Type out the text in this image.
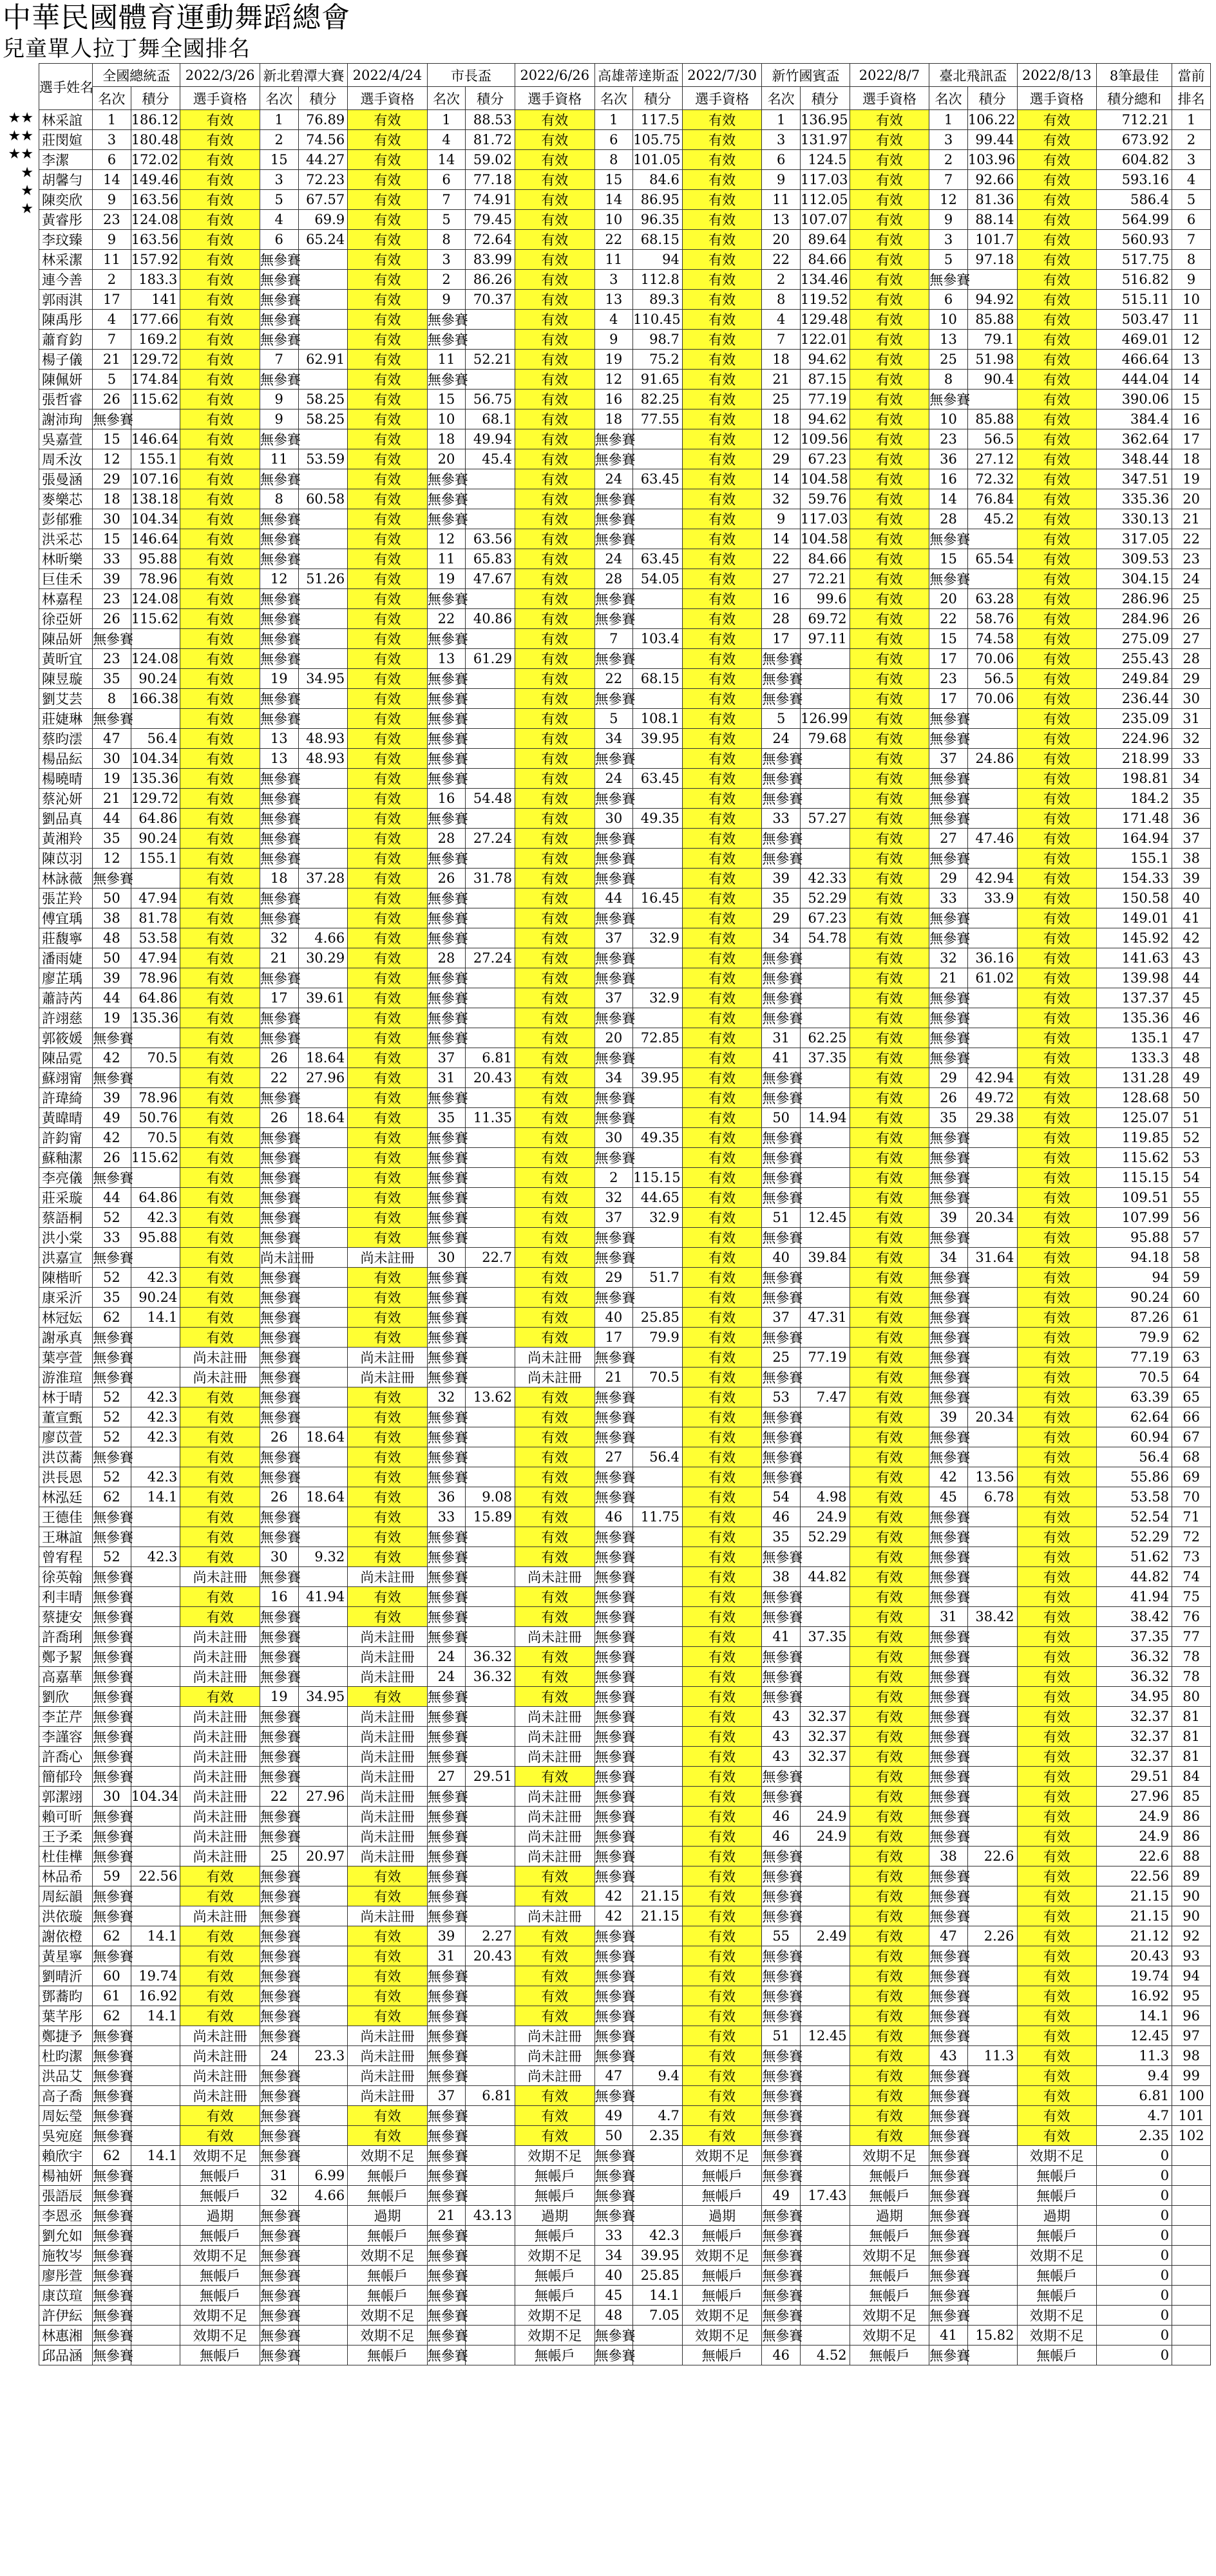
中華民國體育運動舞蹈總會
兒童單人拉丁舞全國排名
★★
★★
★★
★
★
★
選手姓名	全國總統盃		2022/3/26	新北碧潭大賽		2022/4/24	市長盃		2022/6/26	高雄蒂達斯盃		2022/7/30	新竹國賓盃		2022/8/7	臺北飛訊盃		2022/8/13	8筆最佳	當前
	名次	積分	選手資格	名次	積分	選手資格	名次	積分	選手資格	名次	積分	選手資格	名次	積分	選手資格	名次	積分	選手資格	積分總和	排名
林采誼	1	186.12	有效	1	76.89	有效	1	88.53	有效	1	117.5	有效	1	136.95	有效	1	106.22	有效	712.21	1
莊閔媗	3	180.48	有效	2	74.56	有效	4	81.72	有效	6	105.75	有效	3	131.97	有效	3	99.44	有效	673.92	2
李潔	6	172.02	有效	15	44.27	有效	14	59.02	有效	8	101.05	有效	6	124.5	有效	2	103.96	有效	604.82	3
胡馨勻	14	149.46	有效	3	72.23	有效	6	77.18	有效	15	84.6	有效	9	117.03	有效	7	92.66	有效	593.16	4
陳奕欣	9	163.56	有效	5	67.57	有效	7	74.91	有效	14	86.95	有效	11	112.05	有效	12	81.36	有效	586.4	5
黃睿彤	23	124.08	有效	4	69.9	有效	5	79.45	有效	10	96.35	有效	13	107.07	有效	9	88.14	有效	564.99	6
李玟臻	9	163.56	有效	6	65.24	有效	8	72.64	有效	22	68.15	有效	20	89.64	有效	3	101.7	有效	560.93	7
林采潔	11	157.92	有效	無參賽		有效	3	83.99	有效	11	94	有效	22	84.66	有效	5	97.18	有效	517.75	8
連今善	2	183.3	有效	無參賽		有效	2	86.26	有效	3	112.8	有效	2	134.46	有效	無參賽		有效	516.82	9
郭雨淇	17	141	有效	無參賽		有效	9	70.37	有效	13	89.3	有效	8	119.52	有效	6	94.92	有效	515.11	10
陳禹彤	4	177.66	有效	無參賽		有效	無參賽		有效	4	110.45	有效	4	129.48	有效	10	85.88	有效	503.47	11
蕭育鈞	7	169.2	有效	無參賽		有效	無參賽		有效	9	98.7	有效	7	122.01	有效	13	79.1	有效	469.01	12
楊子儀	21	129.72	有效	7	62.91	有效	11	52.21	有效	19	75.2	有效	18	94.62	有效	25	51.98	有效	466.64	13
陳佩妍	5	174.84	有效	無參賽		有效	無參賽		有效	12	91.65	有效	21	87.15	有效	8	90.4	有效	444.04	14
張哲睿	26	115.62	有效	9	58.25	有效	15	56.75	有效	16	82.25	有效	25	77.19	有效	無參賽		有效	390.06	15
謝沛珣	無參賽		有效	9	58.25	有效	10	68.1	有效	18	77.55	有效	18	94.62	有效	10	85.88	有效	384.4	16
吳嘉萱	15	146.64	有效	無參賽		有效	18	49.94	有效	無參賽		有效	12	109.56	有效	23	56.5	有效	362.64	17
周禾汝	12	155.1	有效	11	53.59	有效	20	45.4	有效	無參賽		有效	29	67.23	有效	36	27.12	有效	348.44	18
張曼涵	29	107.16	有效	無參賽		有效	無參賽		有效	24	63.45	有效	14	104.58	有效	16	72.32	有效	347.51	19
麥樂芯	18	138.18	有效	8	60.58	有效	無參賽		有效	無參賽		有效	32	59.76	有效	14	76.84	有效	335.36	20
彭郁雅	30	104.34	有效	無參賽		有效	無參賽		有效	無參賽		有效	9	117.03	有效	28	45.2	有效	330.13	21
洪采芯	15	146.64	有效	無參賽		有效	12	63.56	有效	無參賽		有效	14	104.58	有效	無參賽		有效	317.05	22
林昕樂	33	95.88	有效	無參賽		有效	11	65.83	有效	24	63.45	有效	22	84.66	有效	15	65.54	有效	309.53	23
巨佳禾	39	78.96	有效	12	51.26	有效	19	47.67	有效	28	54.05	有效	27	72.21	有效	無參賽		有效	304.15	24
林嘉程	23	124.08	有效	無參賽		有效	無參賽		有效	無參賽		有效	16	99.6	有效	20	63.28	有效	286.96	25
徐亞妍	26	115.62	有效	無參賽		有效	22	40.86	有效	無參賽		有效	28	69.72	有效	22	58.76	有效	284.96	26
陳品妍	無參賽		有效	無參賽		有效	無參賽		有效	7	103.4	有效	17	97.11	有效	15	74.58	有效	275.09	27
黃昕宜	23	124.08	有效	無參賽		有效	13	61.29	有效	無參賽		有效	無參賽		有效	17	70.06	有效	255.43	28
陳昱璇	35	90.24	有效	19	34.95	有效	無參賽		有效	22	68.15	有效	無參賽		有效	23	56.5	有效	249.84	29
劉艾芸	8	166.38	有效	無參賽		有效	無參賽		有效	無參賽		有效	無參賽		有效	17	70.06	有效	236.44	30
莊婕琳	無參賽		有效	無參賽		有效	無參賽		有效	5	108.1	有效	5	126.99	有效	無參賽		有效	235.09	31
蔡昀澐	47	56.4	有效	13	48.93	有效	無參賽		有效	34	39.95	有效	24	79.68	有效	無參賽		有效	224.96	32
楊品紜	30	104.34	有效	13	48.93	有效	無參賽		有效	無參賽		有效	無參賽		有效	37	24.86	有效	218.99	33
楊曉晴	19	135.36	有效	無參賽		有效	無參賽		有效	24	63.45	有效	無參賽		有效	無參賽		有效	198.81	34
蔡沁妍	21	129.72	有效	無參賽		有效	16	54.48	有效	無參賽		有效	無參賽		有效	無參賽		有效	184.2	35
劉品真	44	64.86	有效	無參賽		有效	無參賽		有效	30	49.35	有效	33	57.27	有效	無參賽		有效	171.48	36
黃湘羚	35	90.24	有效	無參賽		有效	28	27.24	有效	無參賽		有效	無參賽		有效	27	47.46	有效	164.94	37
陳苡羽	12	155.1	有效	無參賽		有效	無參賽		有效	無參賽		有效	無參賽		有效	無參賽		有效	155.1	38
林詠薇	無參賽		有效	18	37.28	有效	26	31.78	有效	無參賽		有效	39	42.33	有效	29	42.94	有效	154.33	39
張芷羚	50	47.94	有效	無參賽		有效	無參賽		有效	44	16.45	有效	35	52.29	有效	33	33.9	有效	150.58	40
傅宜瑀	38	81.78	有效	無參賽		有效	無參賽		有效	無參賽		有效	29	67.23	有效	無參賽		有效	149.01	41
莊馥寧	48	53.58	有效	32	4.66	有效	無參賽		有效	37	32.9	有效	34	54.78	有效	無參賽		有效	145.92	42
潘雨婕	50	47.94	有效	21	30.29	有效	28	27.24	有效	無參賽		有效	無參賽		有效	32	36.16	有效	141.63	43
廖芷瑀	39	78.96	有效	無參賽		有效	無參賽		有效	無參賽		有效	無參賽		有效	21	61.02	有效	139.98	44
蕭詩芮	44	64.86	有效	17	39.61	有效	無參賽		有效	37	32.9	有效	無參賽		有效	無參賽		有效	137.37	45
許翊慈	19	135.36	有效	無參賽		有效	無參賽		有效	無參賽		有效	無參賽		有效	無參賽		有效	135.36	46
郭筱媛	無參賽		有效	無參賽		有效	無參賽		有效	20	72.85	有效	31	62.25	有效	無參賽		有效	135.1	47
陳品霓	42	70.5	有效	26	18.64	有效	37	6.81	有效	無參賽		有效	41	37.35	有效	無參賽		有效	133.3	48
蘇翊甯	無參賽		有效	22	27.96	有效	31	20.43	有效	34	39.95	有效	無參賽		有效	29	42.94	有效	131.28	49
許瑋綺	39	78.96	有效	無參賽		有效	無參賽		有效	無參賽		有效	無參賽		有效	26	49.72	有效	128.68	50
黃暐晴	49	50.76	有效	26	18.64	有效	35	11.35	有效	無參賽		有效	50	14.94	有效	35	29.38	有效	125.07	51
許鈞甯	42	70.5	有效	無參賽		有效	無參賽		有效	30	49.35	有效	無參賽		有效	無參賽		有效	119.85	52
蘇釉潔	26	115.62	有效	無參賽		有效	無參賽		有效	無參賽		有效	無參賽		有效	無參賽		有效	115.62	53
李亮儀	無參賽		有效	無參賽		有效	無參賽		有效	2	115.15	有效	無參賽		有效	無參賽		有效	115.15	54
莊采璇	44	64.86	有效	無參賽		有效	無參賽		有效	32	44.65	有效	無參賽		有效	無參賽		有效	109.51	55
蔡語桐	52	42.3	有效	無參賽		有效	無參賽		有效	37	32.9	有效	51	12.45	有效	39	20.34	有效	107.99	56
洪小棠	33	95.88	有效	無參賽		有效	無參賽		有效	無參賽		有效	無參賽		有效	無參賽		有效	95.88	57
洪嘉宣	無參賽		有效	尚未註冊		尚未註冊	30	22.7	有效	無參賽		有效	40	39.84	有效	34	31.64	有效	94.18	58
陳楷昕	52	42.3	有效	無參賽		有效	無參賽		有效	29	51.7	有效	無參賽		有效	無參賽		有效	94	59
康采沂	35	90.24	有效	無參賽		有效	無參賽		有效	無參賽		有效	無參賽		有效	無參賽		有效	90.24	60
林冠妘	62	14.1	有效	無參賽		有效	無參賽		有效	40	25.85	有效	37	47.31	有效	無參賽		有效	87.26	61
謝承真	無參賽		有效	無參賽		有效	無參賽		有效	17	79.9	有效	無參賽		有效	無參賽		有效	79.9	62
葉亭萱	無參賽		尚未註冊	無參賽		尚未註冊	無參賽		尚未註冊	無參賽		有效	25	77.19	有效	無參賽		有效	77.19	63
游淮瑄	無參賽		尚未註冊	無參賽		尚未註冊	無參賽		尚未註冊	21	70.5	有效	無參賽		有效	無參賽		有效	70.5	64
林于晴	52	42.3	有效	無參賽		有效	32	13.62	有效	無參賽		有效	53	7.47	有效	無參賽		有效	63.39	65
董宣甄	52	42.3	有效	無參賽		有效	無參賽		有效	無參賽		有效	無參賽		有效	39	20.34	有效	62.64	66
廖苡萱	52	42.3	有效	26	18.64	有效	無參賽		有效	無參賽		有效	無參賽		有效	無參賽		有效	60.94	67
洪苡蕎	無參賽		有效	無參賽		有效	無參賽		有效	27	56.4	有效	無參賽		有效	無參賽		有效	56.4	68
洪長恩	52	42.3	有效	無參賽		有效	無參賽		有效	無參賽		有效	無參賽		有效	42	13.56	有效	55.86	69
林泓廷	62	14.1	有效	26	18.64	有效	36	9.08	有效	無參賽		有效	54	4.98	有效	45	6.78	有效	53.58	70
王德佳	無參賽		有效	無參賽		有效	33	15.89	有效	46	11.75	有效	46	24.9	有效	無參賽		有效	52.54	71
王琳誼	無參賽		有效	無參賽		有效	無參賽		有效	無參賽		有效	35	52.29	有效	無參賽		有效	52.29	72
曾宥程	52	42.3	有效	30	9.32	有效	無參賽		有效	無參賽		有效	無參賽		有效	無參賽		有效	51.62	73
徐英翰	無參賽		尚未註冊	無參賽		尚未註冊	無參賽		尚未註冊	無參賽		有效	38	44.82	有效	無參賽		有效	44.82	74
利丰晴	無參賽		有效	16	41.94	有效	無參賽		有效	無參賽		有效	無參賽		有效	無參賽		有效	41.94	75
蔡捷安	無參賽		有效	無參賽		有效	無參賽		有效	無參賽		有效	無參賽		有效	31	38.42	有效	38.42	76
許喬琍	無參賽		尚未註冊	無參賽		尚未註冊	無參賽		尚未註冊	無參賽		有效	41	37.35	有效	無參賽		有效	37.35	77
鄭予絜	無參賽		尚未註冊	無參賽		尚未註冊	24	36.32	有效	無參賽		有效	無參賽		有效	無參賽		有效	36.32	78
高嘉華	無參賽		尚未註冊	無參賽		尚未註冊	24	36.32	有效	無參賽		有效	無參賽		有效	無參賽		有效	36.32	78
劉欣	無參賽		有效	19	34.95	有效	無參賽		有效	無參賽		有效	無參賽		有效	無參賽		有效	34.95	80
李芷芹	無參賽		尚未註冊	無參賽		尚未註冊	無參賽		尚未註冊	無參賽		有效	43	32.37	有效	無參賽		有效	32.37	81
李謹容	無參賽		尚未註冊	無參賽		尚未註冊	無參賽		尚未註冊	無參賽		有效	43	32.37	有效	無參賽		有效	32.37	81
許喬心	無參賽		尚未註冊	無參賽		尚未註冊	無參賽		尚未註冊	無參賽		有效	43	32.37	有效	無參賽		有效	32.37	81
簡郁玲	無參賽		尚未註冊	無參賽		尚未註冊	27	29.51	有效	無參賽		有效	無參賽		有效	無參賽		有效	29.51	84
郭潔翊	30	104.34	尚未註冊	22	27.96	尚未註冊	無參賽		尚未註冊	無參賽		有效	無參賽		有效	無參賽		有效	27.96	85
賴可昕	無參賽		尚未註冊	無參賽		尚未註冊	無參賽		尚未註冊	無參賽		有效	46	24.9	有效	無參賽		有效	24.9	86
王予柔	無參賽		尚未註冊	無參賽		尚未註冊	無參賽		尚未註冊	無參賽		有效	46	24.9	有效	無參賽		有效	24.9	86
杜佳樺	無參賽		尚未註冊	25	20.97	尚未註冊	無參賽		尚未註冊	無參賽		有效	無參賽		有效	38	22.6	有效	22.6	88
林品希	59	22.56	有效	無參賽		有效	無參賽		有效	無參賽		有效	無參賽		有效	無參賽		有效	22.56	89
周紜韻	無參賽		有效	無參賽		有效	無參賽		有效	42	21.15	有效	無參賽		有效	無參賽		有效	21.15	90
洪依璇	無參賽		尚未註冊	無參賽		尚未註冊	無參賽		尚未註冊	42	21.15	有效	無參賽		有效	無參賽		有效	21.15	90
謝依橙	62	14.1	有效	無參賽		有效	39	2.27	有效	無參賽		有效	55	2.49	有效	47	2.26	有效	21.12	92
黃星寧	無參賽		有效	無參賽		有效	31	20.43	有效	無參賽		有效	無參賽		有效	無參賽		有效	20.43	93
劉晴沂	60	19.74	有效	無參賽		有效	無參賽		有效	無參賽		有效	無參賽		有效	無參賽		有效	19.74	94
鄧蕎昀	61	16.92	有效	無參賽		有效	無參賽		有效	無參賽		有效	無參賽		有效	無參賽		有效	16.92	95
葉芊彤	62	14.1	有效	無參賽		有效	無參賽		有效	無參賽		有效	無參賽		有效	無參賽		有效	14.1	96
鄭捷予	無參賽		尚未註冊	無參賽		尚未註冊	無參賽		尚未註冊	無參賽		有效	51	12.45	有效	無參賽		有效	12.45	97
杜昀潔	無參賽		尚未註冊	24	23.3	尚未註冊	無參賽		尚未註冊	無參賽		有效	無參賽		有效	43	11.3	有效	11.3	98
洪品艾	無參賽		尚未註冊	無參賽		尚未註冊	無參賽		尚未註冊	47	9.4	有效	無參賽		有效	無參賽		有效	9.4	99
高子喬	無參賽		尚未註冊	無參賽		尚未註冊	37	6.81	有效	無參賽		有效	無參賽		有效	無參賽		有效	6.81	100
周妘瑩	無參賽		有效	無參賽		有效	無參賽		有效	49	4.7	有效	無參賽		有效	無參賽		有效	4.7	101
吳宛庭	無參賽		有效	無參賽		有效	無參賽		有效	50	2.35	有效	無參賽		有效	無參賽		有效	2.35	102
賴欣宇	62	14.1	效期不足	無參賽		效期不足	無參賽		效期不足	無參賽		效期不足	無參賽		效期不足	無參賽		效期不足	0	
楊袖妍	無參賽		無帳戶	31	6.99	無帳戶	無參賽		無帳戶	無參賽		無帳戶	無參賽		無帳戶	無參賽		無帳戶	0	
張語辰	無參賽		無帳戶	32	4.66	無帳戶	無參賽		無帳戶	無參賽		無帳戶	49	17.43	無帳戶	無參賽		無帳戶	0	
李恩丞	無參賽		過期	無參賽		過期	21	43.13	過期	無參賽		過期	無參賽		過期	無參賽		過期	0	
劉允如	無參賽		無帳戶	無參賽		無帳戶	無參賽		無帳戶	33	42.3	無帳戶	無參賽		無帳戶	無參賽		無帳戶	0	
施牧岑	無參賽		效期不足	無參賽		效期不足	無參賽		效期不足	34	39.95	效期不足	無參賽		效期不足	無參賽		效期不足	0	
廖彤萱	無參賽		無帳戶	無參賽		無帳戶	無參賽		無帳戶	40	25.85	無帳戶	無參賽		無帳戶	無參賽		無帳戶	0	
康苡瑄	無參賽		無帳戶	無參賽		無帳戶	無參賽		無帳戶	45	14.1	無帳戶	無參賽		無帳戶	無參賽		無帳戶	0	
許伊紜	無參賽		效期不足	無參賽		效期不足	無參賽		效期不足	48	7.05	效期不足	無參賽		效期不足	無參賽		效期不足	0	
林惠湘	無參賽		效期不足	無參賽		效期不足	無參賽		效期不足	無參賽		效期不足	無參賽		效期不足	41	15.82	效期不足	0	
邱品涵	無參賽		無帳戶	無參賽		無帳戶	無參賽		無帳戶	無參賽		無帳戶	46	4.52	無帳戶	無參賽		無帳戶	0	
